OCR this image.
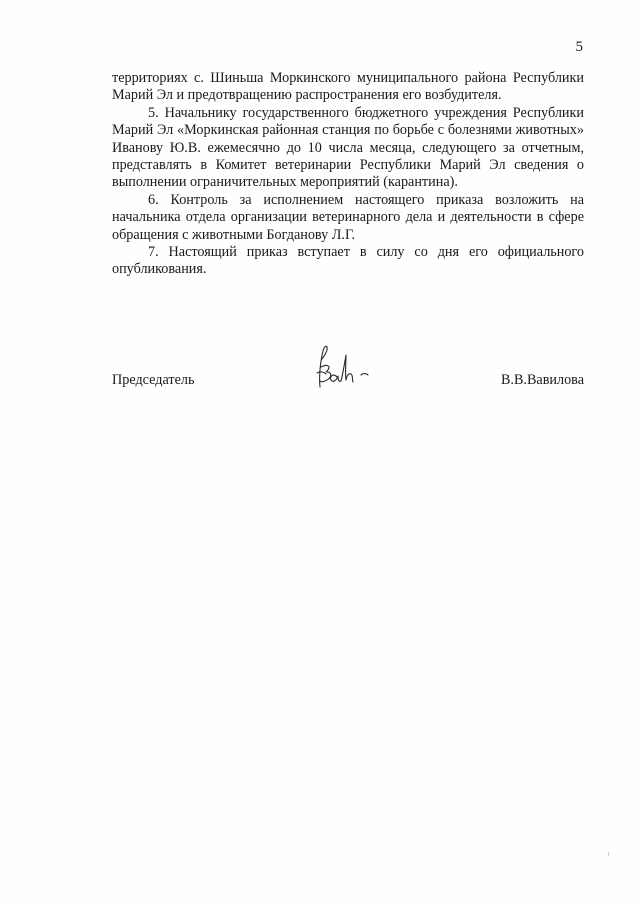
5

территориях с. Шиньша Моркинского муниципального района Республики Марий Эл и предотвращению распространения его возбудителя.

5. Начальнику государственного бюджетного учреждения Республики Марий Эл «Моркинская районная станция по борьбе с болезнями животных» Иванову Ю.В. ежемесячно до 10 числа месяца, следующего за отчетным, представлять в Комитет ветеринарии Республики Марий Эл сведения о выполнении ограничительных мероприятий (карантина).

6. Контроль за исполнением настоящего приказа возложить на начальника отдела организации ветеринарного дела и деятельности в сфере обращения с животными Богданову Л.Г.

7. Настоящий приказ вступает в силу со дня его официального опубликования.

Председатель	В.В.Вавилова
